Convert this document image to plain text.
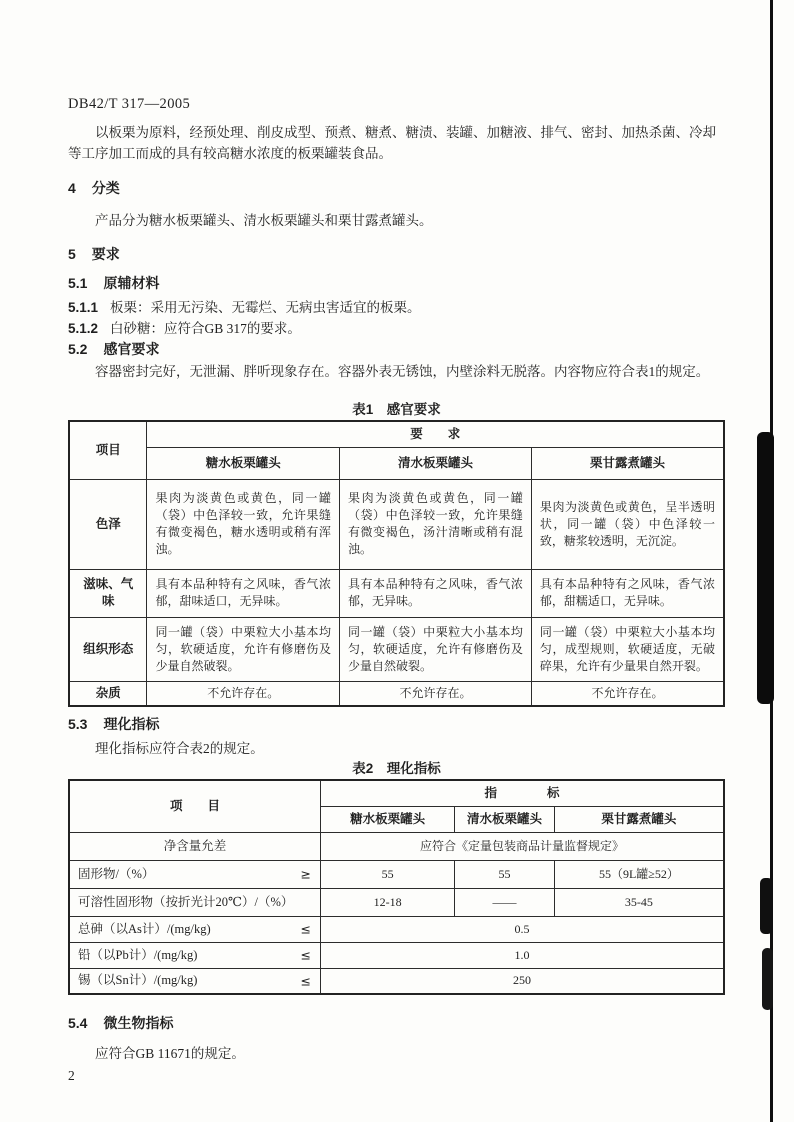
DB42/T 317—2005

以板栗为原料，经预处理、削皮成型、预煮、糖煮、糖渍、装罐、加糖液、排气、密封、加热杀菌、冷却等工序加工而成的具有较高糖水浓度的板栗罐装食品。

4 分类

产品分为糖水板栗罐头、清水板栗罐头和栗甘露煮罐头。

5 要求
5.1 原辅材料

5.1.1 板栗：采用无污染、无霉烂、无病虫害适宜的板栗。

5.1.2 白砂糖：应符合GB 317的要求。

5.2 感官要求

容器密封完好，无泄漏、胖听现象存在。容器外表无锈蚀，内壁涂料无脱落。内容物应符合表1的规定。

表1　感官要求
项目	要　　求		
	糖水板栗罐头	清水板栗罐头	栗甘露煮罐头
色泽	果肉为淡黄色或黄色，同一罐（袋）中色泽较一致，允许果缝有微变褐色，糖水透明或稍有浑浊。	果肉为淡黄色或黄色，同一罐（袋）中色泽较一致，允许果缝有微变褐色，汤汁清晰或稍有混浊。	果肉为淡黄色或黄色，呈半透明状，同一罐（袋）中色泽较一致，糖浆较透明，无沉淀。
滋味、气味	具有本品种特有之风味，香气浓郁，甜味适口，无异味。	具有本品种特有之风味，香气浓郁，无异味。	具有本品种特有之风味，香气浓郁，甜糯适口，无异味。
组织形态	同一罐（袋）中栗粒大小基本均匀，软硬适度，允许有修磨伤及少量自然破裂。	同一罐（袋）中栗粒大小基本均匀，软硬适度，允许有修磨伤及少量自然破裂。	同一罐（袋）中栗粒大小基本均匀，成型规则，软硬适度，无破碎果，允许有少量果自然开裂。
杂质	不允许存在。	不允许存在。	不允许存在。
5.3 理化指标

理化指标应符合表2的规定。

表2　理化指标
项　　目	指　　　　标		
	糖水板栗罐头	清水板栗罐头	栗甘露煮罐头
净含量允差	应符合《定量包装商品计量监督规定》		
固形物/（%） ≥	55	55	55（9L罐≥52）
可溶性固形物（按折光计20℃）/（%）	12-18	——	35-45
总砷（以As计）/(mg/kg) ≤	0.5		
铅（以Pb计）/(mg/kg) ≤	1.0		
锡（以Sn计）/(mg/kg) ≤	250		
5.4 微生物指标

应符合GB 11671的规定。

2
